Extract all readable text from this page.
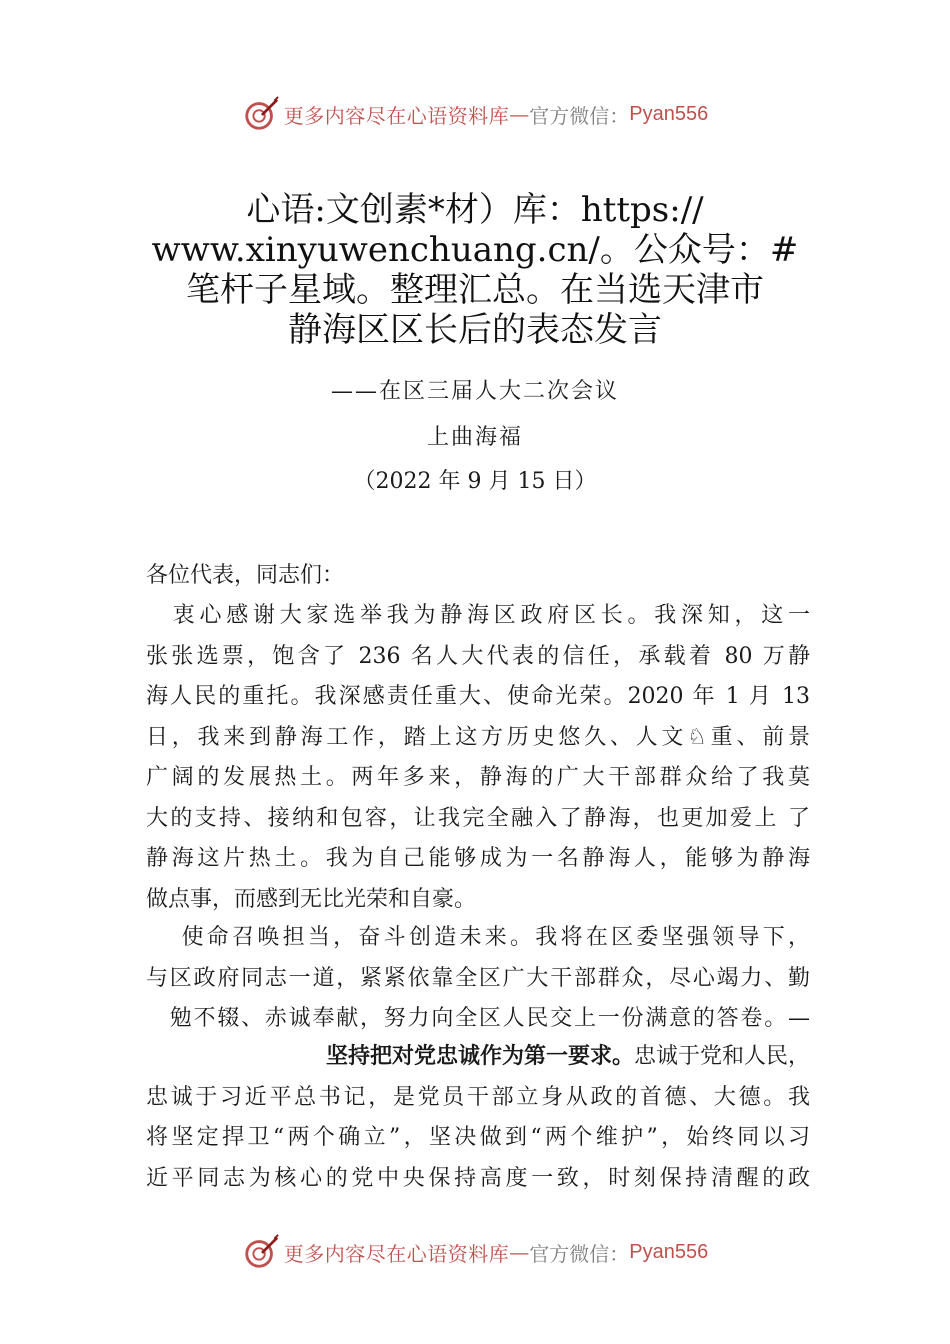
更多内容尽在心语资料库 — 官方微信： Pyan556
心语:文创素*材）库：https://
www.xinyuwenchuang.cn/。公众号：#
笔杆子星域。整理汇总。在当选天津市
静海区区长后的表态发言
——在区三届人大二次会议
上曲海福
（2022 年 9 月 15 日）
各位代表，同志们：
　衷心感谢大家选举我为静海区政府区长。我深知，这一
张张选票，饱含了 236 名人大代表的信任，承载着 80 万静
海人民的重托。我深感责任重大、使命光荣。2020 年 1 月 13
日，我来到静海工作，踏上这方历史悠久、人文♘重、前景
广阔的发展热土。两年多来，静海的广大干部群众给了我莫
大的支持、接纳和包容，让我完全融入了静海，也更加爱上 了
静海这片热土。我为自己能够成为一名静海人，能够为静海
做点事，而感到无比光荣和自豪。
　 使命召唤担当，奋斗创造未来。我将在区委坚强领导下，
与区政府同志一道，紧紧依靠全区广大干部群众，尽心竭力、勤
　勉不辍、赤诚奉献，努力向全区人民交上一份满意的答卷。—
坚持把对党忠诚作为第一要求。忠诚于党和人民，
忠诚于习近平总书记，是党员干部立身从政的首德、大德。我
将坚定捍卫“两个确立”，坚决做到“两个维护”，始终同以习
近平同志为核心的党中央保持高度一致，时刻保持清醒的政
更多内容尽在心语资料库 — 官方微信： Pyan556
